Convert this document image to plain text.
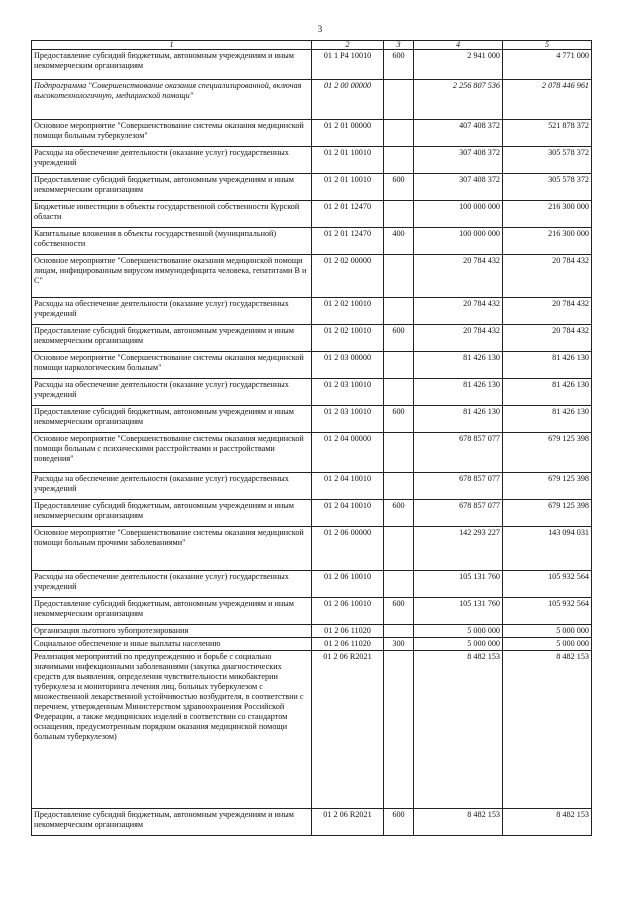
3
1	2	3	4	5
Предоставление субсидий бюджетным, автономным учреждениям и иным некоммерческим организациям	01 1 Р4 10010	600	2 941 000	4 771 000
Подпрограмма "Совершенствование оказания специализированной, включая высокотехнологичную, медицинской помощи"	01 2 00 00000		2 256 807 536	2 078 446 961
Основное мероприятие "Совершенствование системы оказания медицинской помощи больным туберкулезом"	01 2 01 00000		407 408 372	521 878 372
Расходы на обеспечение деятельности (оказание услуг) государственных учреждений	01 2 01 10010		307 408 372	305 578 372
Предоставление субсидий бюджетным, автономным учреждениям и иным некоммерческим организациям	01 2 01 10010	600	307 408 372	305 578 372
Бюджетные инвестиции в объекты государственной собственности Курской области	01 2 01 12470		100 000 000	216 300 000
Капитальные вложения в объекты государственной (муниципальной) собственности	01 2 01 12470	400	100 000 000	216 300 000
Основное мероприятие "Совершенствование оказания медицинской помощи лицам, инфицированным вирусом иммунодефицита человека, гепатитами В и С"	01 2 02 00000		20 784 432	20 784 432
Расходы на обеспечение деятельности (оказание услуг) государственных учреждений	01 2 02 10010		20 784 432	20 784 432
Предоставление субсидий бюджетным, автономным учреждениям и иным некоммерческим организациям	01 2 02 10010	600	20 784 432	20 784 432
Основное мероприятие "Совершенствование системы оказания медицинской помощи наркологическим больным"	01 2 03 00000		81 426 130	81 426 130
Расходы на обеспечение деятельности (оказание услуг) государственных учреждений	01 2 03 10010		81 426 130	81 426 130
Предоставление субсидий бюджетным, автономным учреждениям и иным некоммерческим организациям	01 2 03 10010	600	81 426 130	81 426 130
Основное мероприятие "Совершенствование системы оказания медицинской помощи больным с психическими расстройствами и расстройствами поведения"	01 2 04 00000		678 857 077	679 125 398
Расходы на обеспечение деятельности (оказание услуг) государственных учреждений	01 2 04 10010		678 857 077	679 125 398
Предоставление субсидий бюджетным, автономным учреждениям и иным некоммерческим организациям	01 2 04 10010	600	678 857 077	679 125 398
Основное мероприятие "Совершенствование системы оказания медицинской помощи больным прочими заболеваниями"	01 2 06 00000		142 293 227	143 094 031
Расходы на обеспечение деятельности (оказание услуг) государственных учреждений	01 2 06 10010		105 131 760	105 932 564
Предоставление субсидий бюджетным, автономным учреждениям и иным некоммерческим организациям	01 2 06 10010	600	105 131 760	105 932 564
Организация льготного зубопротезирования	01 2 06 11020		5 000 000	5 000 000
Социальное обеспечение и иные выплаты населению	01 2 06 11020	300	5 000 000	5 000 000
Реализация мероприятий по предупреждению и борьбе с социально значимыми инфекционными заболеваниями (закупка диагностических средств для выявления, определения чувствительности микобактерии туберкулеза и мониторинга лечения лиц, больных туберкулезом с множественной лекарственной устойчивостью возбудителя, в соответствии с перечнем, утвержденным Министерством здравоохранения Российской Федерации, а также медицинских изделий в соответствии со стандартом оснащения, предусмотренным порядком оказания медицинской помощи больным туберкулезом)	01 2 06 R2021		8 482 153	8 482 153
Предоставление субсидий бюджетным, автономным учреждениям и иным некоммерческим организациям	01 2 06 R2021	600	8 482 153	8 482 153
